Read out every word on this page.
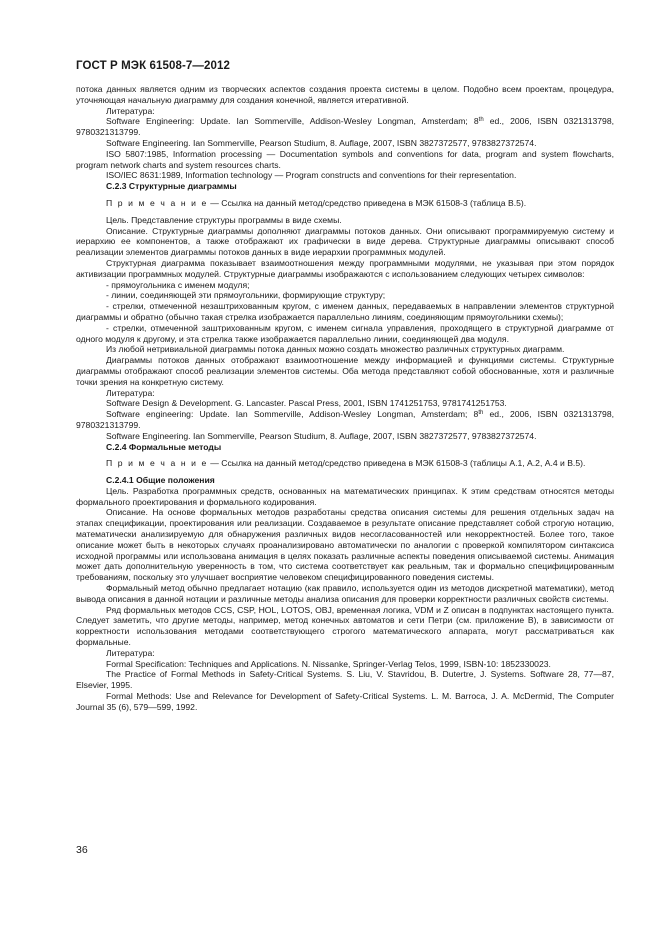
ГОСТ Р МЭК 61508-7—2012

потока данных является одним из творческих аспектов создания проекта системы в целом. Подобно всем проектам, процедура, уточняющая начальную диаграмму для создания конечной, является итеративной.

Литература:

Software Engineering: Update. Ian Sommerville, Addison-Wesley Longman, Amsterdam; 8th ed., 2006, ISBN 0321313798, 9780321313799.

Software Engineering. Ian Sommerville, Pearson Studium, 8. Auflage, 2007, ISBN 3827372577, 9783827372574.

ISO 5807:1985, Information processing — Documentation symbols and conventions for data, program and system flowcharts, program network charts and system resources charts.

ISO/IEC 8631:1989, Information technology — Program constructs and conventions for their representation.

С.2.3 Структурные диаграммы

П р и м е ч а н и е — Ссылка на данный метод/средство приведена в МЭК 61508-3 (таблица В.5).

Цель. Представление структуры программы в виде схемы.

Описание. Структурные диаграммы дополняют диаграммы потоков данных. Они описывают программируемую систему и иерархию ее компонентов, а также отображают их графически в виде дерева. Структурные диаграммы описывают способ реализации элементов диаграммы потоков данных в виде иерархии программных модулей.

Структурная диаграмма показывает взаимоотношения между программными модулями, не указывая при этом порядок активизации программных модулей. Структурные диаграммы изображаются с использованием следующих четырех символов:

- прямоугольника с именем модуля;

- линии, соединяющей эти прямоугольники, формирующие структуру;

- стрелки, отмеченной незаштрихованным кругом, с именем данных, передаваемых в направлении элементов структурной диаграммы и обратно (обычно такая стрелка изображается параллельно линиям, соединяющим прямоугольники схемы);

- стрелки, отмеченной заштрихованным кругом, с именем сигнала управления, проходящего в структурной диаграмме от одного модуля к другому, и эта стрелка также изображается параллельно линии, соединяющей два модуля.

Из любой нетривиальной диаграммы потока данных можно создать множество различных структурных диаграмм.

Диаграммы потоков данных отображают взаимоотношение между информацией и функциями системы. Структурные диаграммы отображают способ реализации элементов системы. Оба метода представляют собой обоснованные, хотя и различные точки зрения на конкретную систему.

Литература:

Software Design & Development. G. Lancaster. Pascal Press, 2001, ISBN 1741251753, 9781741251753.

Software engineering: Update. Ian Sommerville, Addison-Wesley Longman, Amsterdam; 8th ed., 2006, ISBN 0321313798, 9780321313799.

Software Engineering. Ian Sommerville, Pearson Studium, 8. Auflage, 2007, ISBN 3827372577, 9783827372574.

С.2.4 Формальные методы

П р и м е ч а н и е — Ссылка на данный метод/средство приведена в МЭК 61508-3 (таблицы А.1, А.2, А.4 и В.5).

С.2.4.1 Общие положения

Цель. Разработка программных средств, основанных на математических принципах. К этим средствам относятся методы формального проектирования и формального кодирования.

Описание. На основе формальных методов разработаны средства описания системы для решения отдельных задач на этапах спецификации, проектирования или реализации. Создаваемое в результате описание представляет собой строгую нотацию, математически анализируемую для обнаружения различных видов несогласованностей или некорректностей. Более того, такое описание может быть в некоторых случаях проанализировано автоматически по аналогии с проверкой компилятором синтаксиса исходной программы или использована анимация в целях показать различные аспекты поведения описываемой системы. Анимация может дать дополнительную уверенность в том, что система соответствует как реальным, так и формально специфицированным требованиям, поскольку это улучшает восприятие человеком специфицированного поведения системы.

Формальный метод обычно предлагает нотацию (как правило, используется один из методов дискретной математики), метод вывода описания в данной нотации и различные методы анализа описания для проверки корректности различных свойств системы.

Ряд формальных методов CCS, CSP, HOL, LOTOS, OBJ, временная логика, VDM и Z описан в подпунктах настоящего пункта. Следует заметить, что другие методы, например, метод конечных автоматов и сети Петри (см. приложение В), в зависимости от корректности использования методами соответствующего строгого математического аппарата, могут рассматриваться как формальные.

Литература:

Formal Specification: Techniques and Applications. N. Nissanke, Springer-Verlag Telos, 1999, ISBN-10: 1852330023.

The Practice of Formal Methods in Safety-Critical Systems. S. Liu, V. Stavridou, B. Dutertre, J. Systems. Software 28, 77—87, Elsevier, 1995.

Formal Methods: Use and Relevance for Development of Safety-Critical Systems. L. M. Barroca, J. A. McDermid, The Computer Journal 35 (6), 579—599, 1992.

36
